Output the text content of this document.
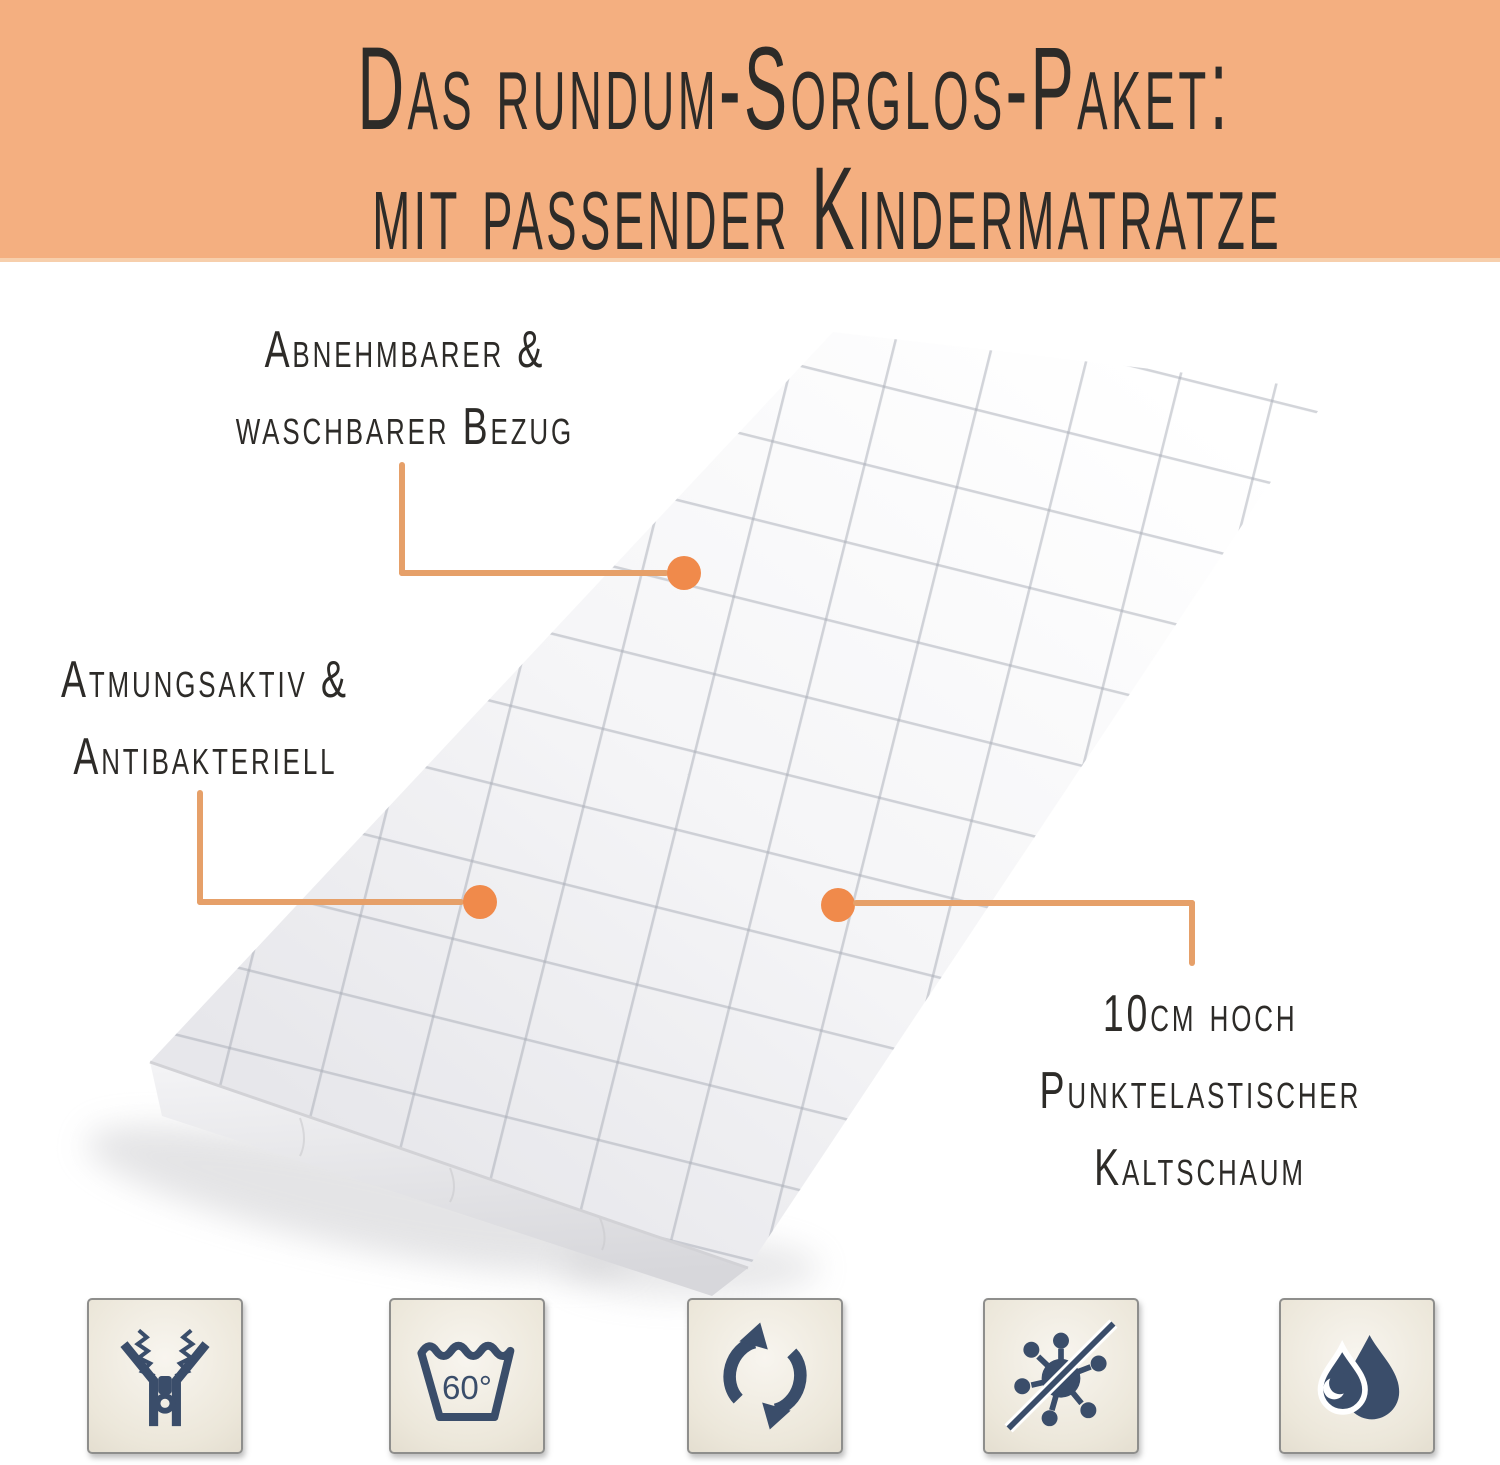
Das rundum-Sorglos-Paket:
mit passender Kindermatratze
Abnehmbarer &
waschbarer Bezug
Atmungsaktiv &
Antibakteriell
10cm hoch
Punktelastischer
Kaltschaum
60°
